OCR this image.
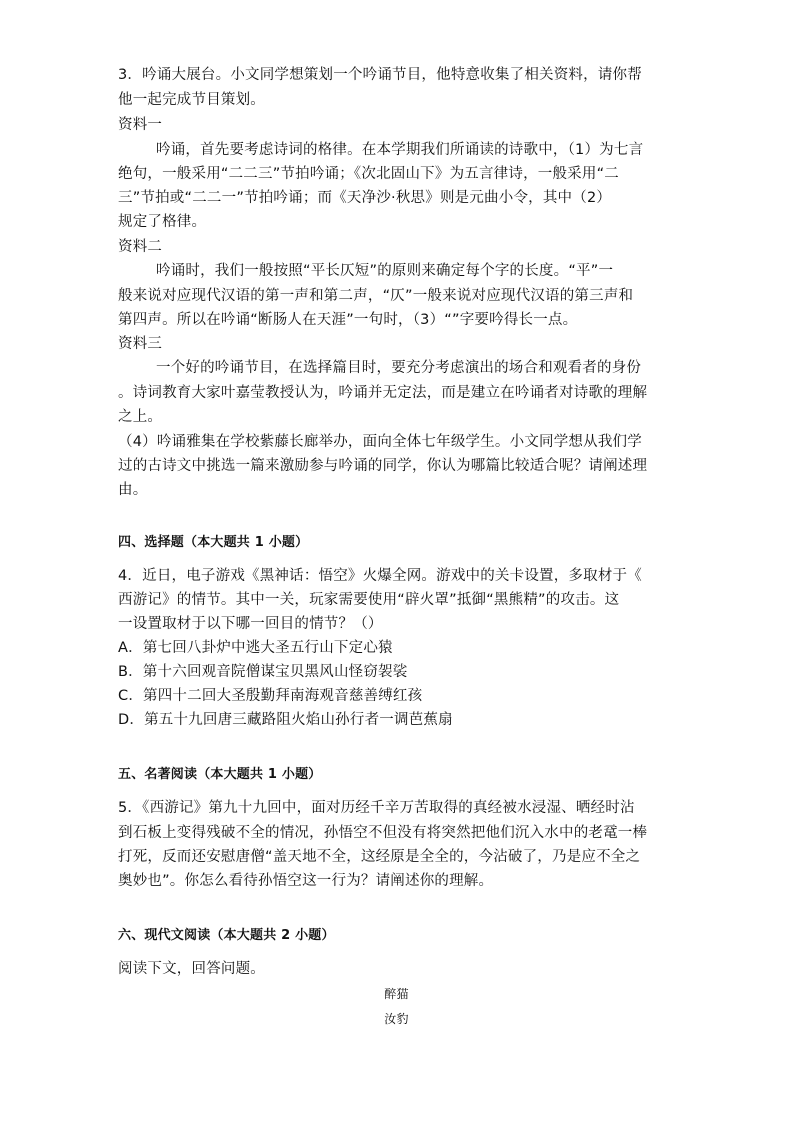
3．吟诵大展台。小文同学想策划一个吟诵节目，他特意收集了相关资料，请你帮
他一起完成节目策划。
资料一
吟诵，首先要考虑诗词的格律。在本学期我们所诵读的诗歌中，（1）为七言
绝句，一般采用“二二三”节拍吟诵；《次北固山下》为五言律诗，一般采用“二
三”节拍或“二二一”节拍吟诵；而《天净沙·秋思》则是元曲小令，其中（2）
规定了格律。
资料二
吟诵时，我们一般按照“平长仄短”的原则来确定每个字的长度。“平”一
般来说对应现代汉语的第一声和第二声，“仄”一般来说对应现代汉语的第三声和
第四声。所以在吟诵“断肠人在天涯”一句时，（3）“”字要吟得长一点。
资料三
一个好的吟诵节目，在选择篇目时，要充分考虑演出的场合和观看者的身份
。诗词教育大家叶嘉莹教授认为，吟诵并无定法，而是建立在吟诵者对诗歌的理解
之上。
（4）吟诵雅集在学校紫藤长廊举办，面向全体七年级学生。小文同学想从我们学
过的古诗文中挑选一篇来激励参与吟诵的同学，你认为哪篇比较适合呢？请阐述理
由。
四、选择题（本大题共 1 小题）
4．近日，电子游戏《黑神话：悟空》火爆全网。游戏中的关卡设置，多取材于《
西游记》的情节。其中一关，玩家需要使用“辟火罩”抵御“黑熊精”的攻击。这
一设置取材于以下哪一回目的情节？（）
A．第七回八卦炉中逃大圣五行山下定心猿
B．第十六回观音院僧谋宝贝黑风山怪窃袈裟
C．第四十二回大圣殷勤拜南海观音慈善缚红孩
D．第五十九回唐三藏路阻火焰山孙行者一调芭蕉扇
五、名著阅读（本大题共 1 小题）
5．《西游记》第九十九回中，面对历经千辛万苦取得的真经被水浸湿、晒经时沾
到石板上变得残破不全的情况，孙悟空不但没有将突然把他们沉入水中的老鼋一棒
打死，反而还安慰唐僧“盖天地不全，这经原是全全的，今沾破了，乃是应不全之
奥妙也”。你怎么看待孙悟空这一行为？请阐述你的理解。
六、现代文阅读（本大题共 2 小题）
阅读下文，回答问题。
醉猫
汝豹
